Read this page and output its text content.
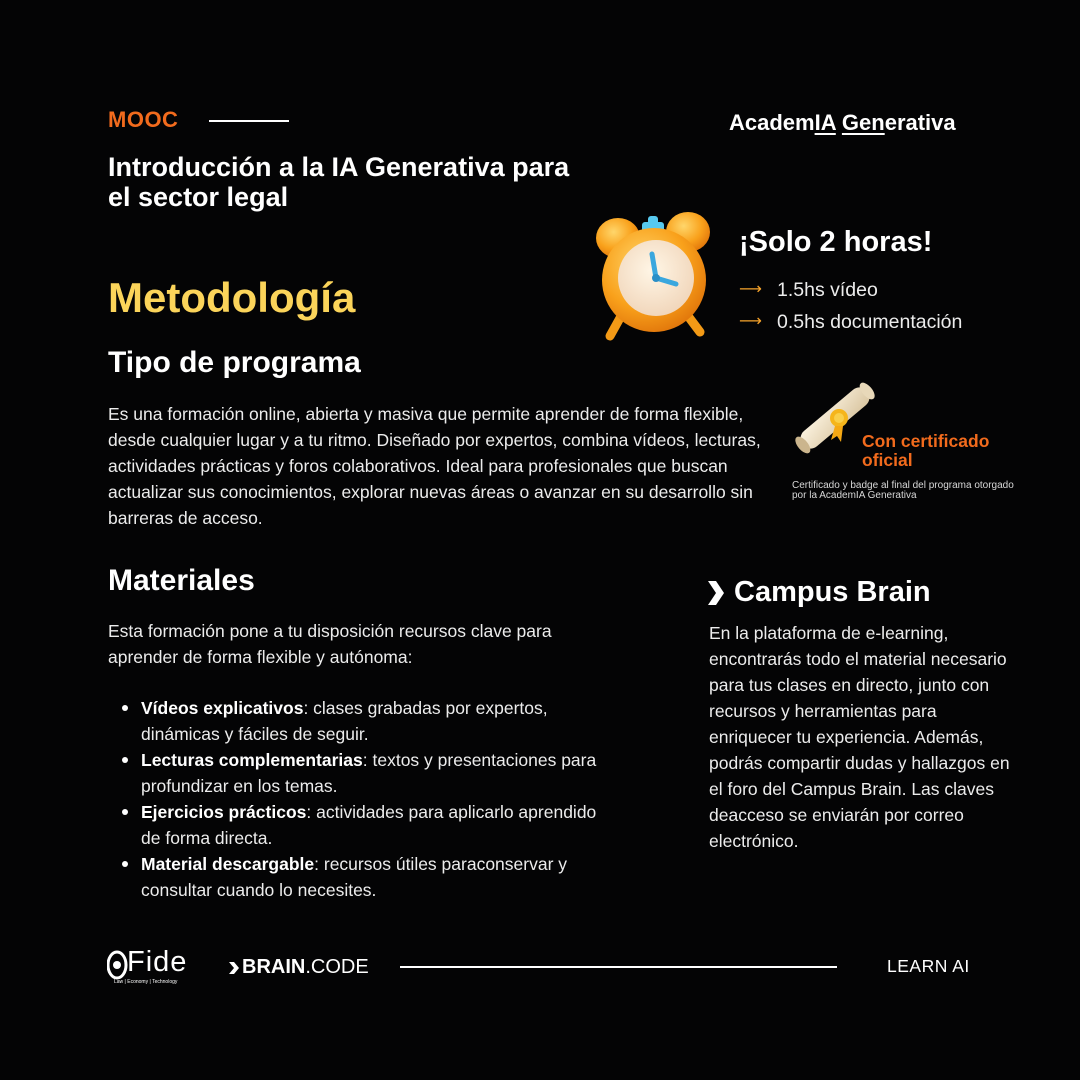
MOOC	AcademIA Generativa
Introducción a la IA Generativa para el sector legal
Metodología
Tipo de programa
Es una formación online, abierta y masiva que permite aprender de forma flexible, desde cualquier lugar y a tu ritmo. Diseñado por expertos, combina vídeos, lecturas, actividades prácticas y foros colaborativos. Ideal para profesionales que buscan actualizar sus conocimientos, explorar nuevas áreas o avanzar en su desarrollo sin barreras de acceso.
¡Solo 2 horas!
⟶ 1.5hs vídeo
⟶ 0.5hs documentación
Con certificado oficial
Certificado y badge al final del programa otorgado por la AcademIA Generativa
Materiales
Esta formación pone a tu disposición recursos clave para aprender de forma flexible y autónoma:
Vídeos explicativos: clases grabadas por expertos, dinámicas y fáciles de seguir.
Lecturas complementarias: textos y presentaciones para profundizar en los temas.
Ejercicios prácticos: actividades para aplicarlo aprendido de forma directa.
Material descargable: recursos útiles paraconservar y consultar cuando lo necesites.
Campus Brain
En la plataforma de e-learning, encontrarás todo el material necesario para tus clases en directo, junto con recursos y herramientas para enriquecer tu experiencia. Además, podrás compartir dudas y hallazgos en el foro del Campus Brain. Las claves deacceso se enviarán por correo electrónico.
Fide
Law | Economy | Technology
BRAIN .CODE	LEARN AI
